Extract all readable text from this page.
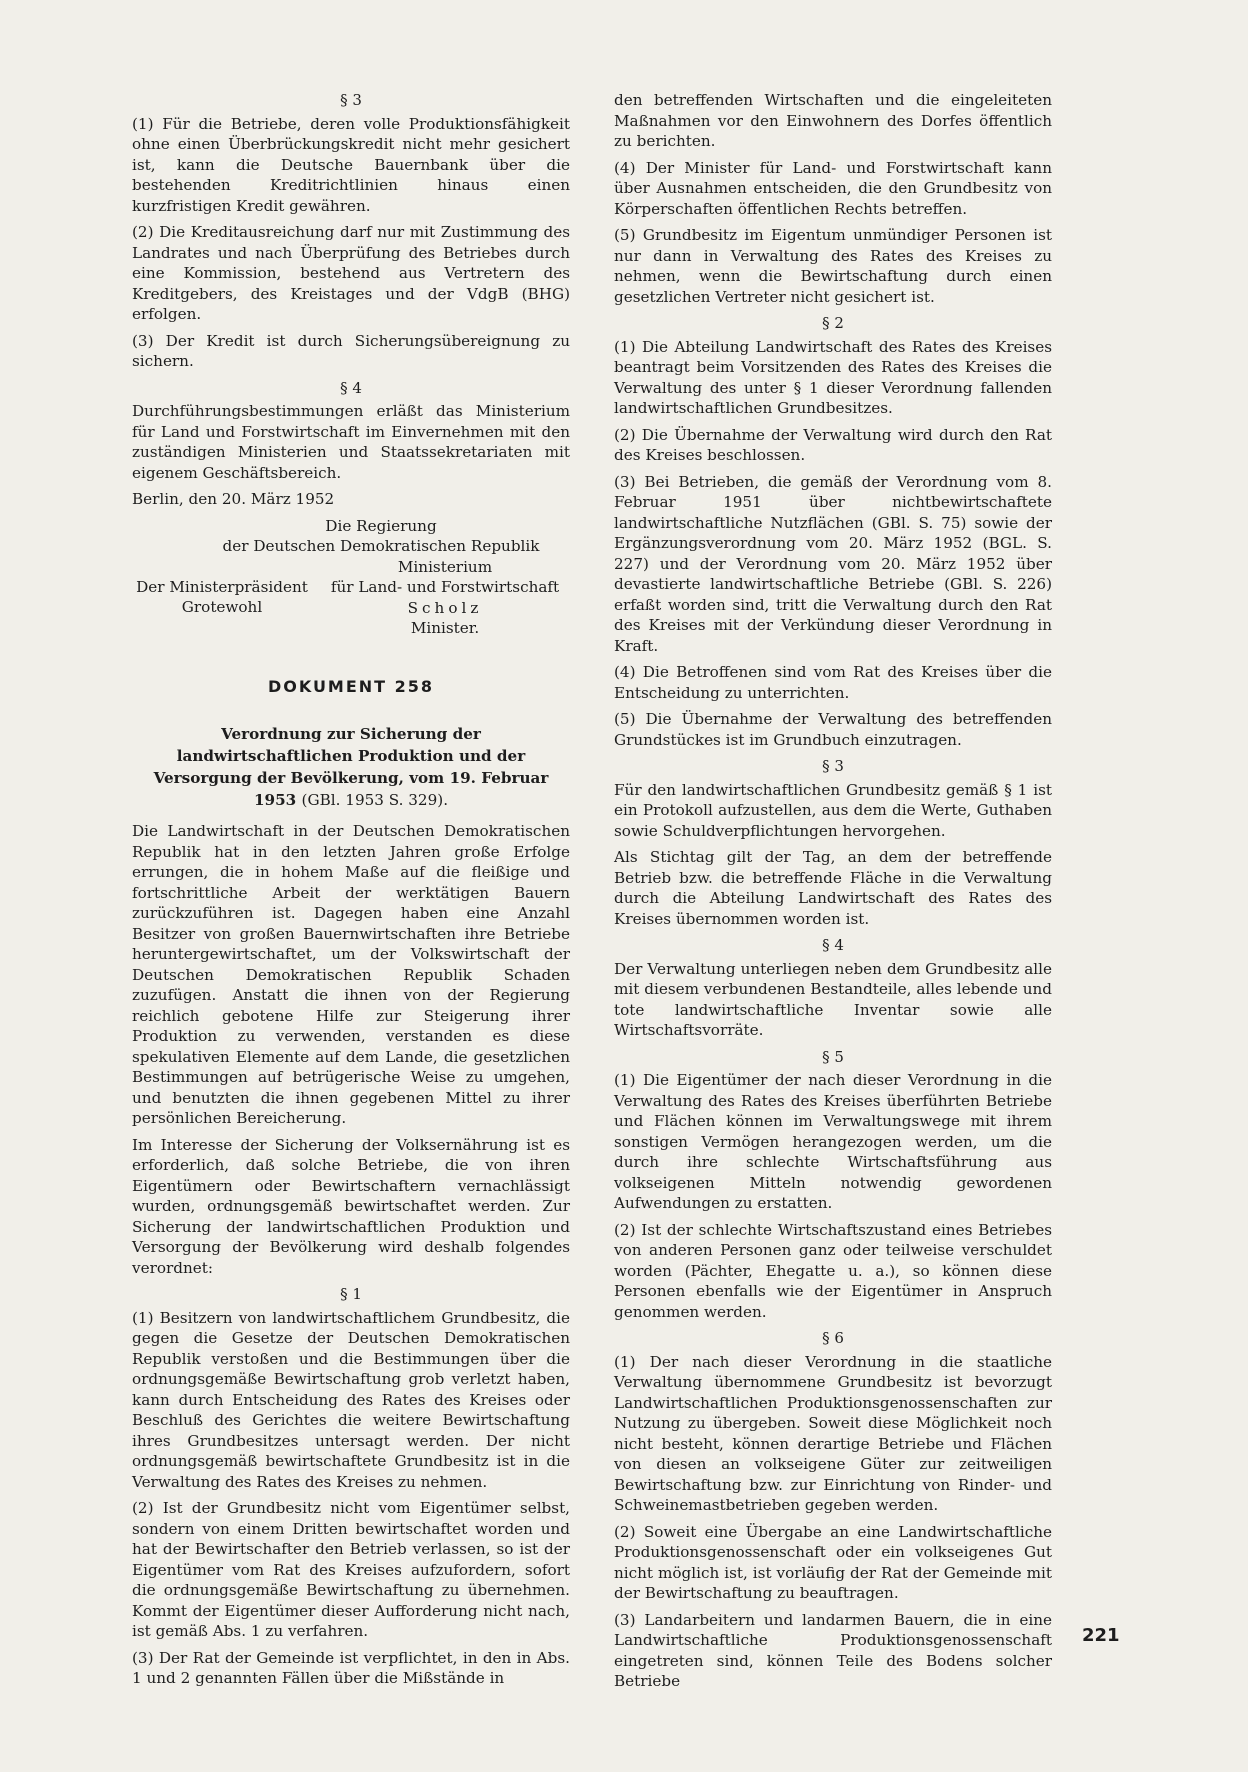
§ 3

(1) Für die Betriebe, deren volle Produktionsfähigkeit ohne einen Überbrückungskredit nicht mehr gesichert ist, kann die Deutsche Bauernbank über die bestehenden Kreditrichtlinien hinaus einen kurzfristigen Kredit gewähren.

(2) Die Kreditausreichung darf nur mit Zustimmung des Landrates und nach Überprüfung des Betriebes durch eine Kommission, bestehend aus Vertretern des Kreditgebers, des Kreistages und der VdgB (BHG) erfolgen.

(3) Der Kredit ist durch Sicherungsübereignung zu sichern.

§ 4

Durchführungsbestimmungen erläßt das Ministerium für Land und Forstwirtschaft im Einvernehmen mit den zuständigen Ministerien und Staatssekretariaten mit eigenem Geschäftsbereich.

Berlin, den 20. März 1952

Die Regierung
der Deutschen Demokratischen Republik
Der Ministerpräsident
Grotewohl
Ministerium
für Land- und Forstwirtschaft
Scholz
Minister.
DOKUMENT 258

Verordnung zur Sicherung der landwirtschaftlichen Produktion und der Versorgung der Bevölkerung, vom 19. Februar 1953 (GBl. 1953 S. 329).

Die Landwirtschaft in der Deutschen Demokratischen Republik hat in den letzten Jahren große Erfolge errungen, die in hohem Maße auf die fleißige und fortschrittliche Arbeit der werktätigen Bauern zurückzuführen ist. Dagegen haben eine Anzahl Besitzer von großen Bauernwirtschaften ihre Betriebe heruntergewirtschaftet, um der Volkswirtschaft der Deutschen Demokratischen Republik Schaden zuzufügen. Anstatt die ihnen von der Regierung reichlich gebotene Hilfe zur Steigerung ihrer Produktion zu verwenden, verstanden es diese spekulativen Elemente auf dem Lande, die gesetzlichen Bestimmungen auf betrügerische Weise zu umgehen, und benutzten die ihnen gegebenen Mittel zu ihrer persönlichen Bereicherung.

Im Interesse der Sicherung der Volksernährung ist es erforderlich, daß solche Betriebe, die von ihren Eigentümern oder Bewirtschaftern vernachlässigt wurden, ordnungsgemäß bewirtschaftet werden. Zur Sicherung der landwirtschaftlichen Produktion und Versorgung der Bevölkerung wird deshalb folgendes verordnet:

§ 1

(1) Besitzern von landwirtschaftlichem Grundbesitz, die gegen die Gesetze der Deutschen Demokratischen Republik verstoßen und die Bestimmungen über die ordnungsgemäße Bewirtschaftung grob verletzt haben, kann durch Entscheidung des Rates des Kreises oder Beschluß des Gerichtes die weitere Bewirtschaftung ihres Grundbesitzes untersagt werden. Der nicht ordnungsgemäß bewirtschaftete Grundbesitz ist in die Verwaltung des Rates des Kreises zu nehmen.

(2) Ist der Grundbesitz nicht vom Eigentümer selbst, sondern von einem Dritten bewirtschaftet worden und hat der Bewirtschafter den Betrieb verlassen, so ist der Eigentümer vom Rat des Kreises aufzufordern, sofort die ordnungsgemäße Bewirtschaftung zu übernehmen. Kommt der Eigentümer dieser Aufforderung nicht nach, ist gemäß Abs. 1 zu verfahren.

(3) Der Rat der Gemeinde ist verpflichtet, in den in Abs. 1 und 2 genannten Fällen über die Mißstände in

den betreffenden Wirtschaften und die eingeleiteten Maßnahmen vor den Einwohnern des Dorfes öffentlich zu berichten.

(4) Der Minister für Land- und Forstwirtschaft kann über Ausnahmen entscheiden, die den Grundbesitz von Körperschaften öffentlichen Rechts betreffen.

(5) Grundbesitz im Eigentum unmündiger Personen ist nur dann in Verwaltung des Rates des Kreises zu nehmen, wenn die Bewirtschaftung durch einen gesetzlichen Vertreter nicht gesichert ist.

§ 2

(1) Die Abteilung Landwirtschaft des Rates des Kreises beantragt beim Vorsitzenden des Rates des Kreises die Verwaltung des unter § 1 dieser Verordnung fallenden landwirtschaftlichen Grundbesitzes.

(2) Die Übernahme der Verwaltung wird durch den Rat des Kreises beschlossen.

(3) Bei Betrieben, die gemäß der Verordnung vom 8. Februar 1951 über nichtbewirtschaftete landwirtschaftliche Nutzflächen (GBl. S. 75) sowie der Ergänzungsverordnung vom 20. März 1952 (BGL. S. 227) und der Verordnung vom 20. März 1952 über devastierte landwirtschaftliche Betriebe (GBl. S. 226) erfaßt worden sind, tritt die Verwaltung durch den Rat des Kreises mit der Verkündung dieser Verordnung in Kraft.

(4) Die Betroffenen sind vom Rat des Kreises über die Entscheidung zu unterrichten.

(5) Die Übernahme der Verwaltung des betreffenden Grundstückes ist im Grundbuch einzutragen.

§ 3

Für den landwirtschaftlichen Grundbesitz gemäß § 1 ist ein Protokoll aufzustellen, aus dem die Werte, Guthaben sowie Schuldverpflichtungen hervorgehen.

Als Stichtag gilt der Tag, an dem der betreffende Betrieb bzw. die betreffende Fläche in die Verwaltung durch die Abteilung Landwirtschaft des Rates des Kreises übernommen worden ist.

§ 4

Der Verwaltung unterliegen neben dem Grundbesitz alle mit diesem verbundenen Bestandteile, alles lebende und tote landwirtschaftliche Inventar sowie alle Wirtschaftsvorräte.

§ 5

(1) Die Eigentümer der nach dieser Verordnung in die Verwaltung des Rates des Kreises überführten Betriebe und Flächen können im Verwaltungswege mit ihrem sonstigen Vermögen herangezogen werden, um die durch ihre schlechte Wirtschaftsführung aus volkseigenen Mitteln notwendig gewordenen Aufwendungen zu erstatten.

(2) Ist der schlechte Wirtschaftszustand eines Betriebes von anderen Personen ganz oder teilweise verschuldet worden (Pächter, Ehegatte u. a.), so können diese Personen ebenfalls wie der Eigentümer in Anspruch genommen werden.

§ 6

(1) Der nach dieser Verordnung in die staatliche Verwaltung übernommene Grundbesitz ist bevorzugt Landwirtschaftlichen Produktionsgenossenschaften zur Nutzung zu übergeben. Soweit diese Möglichkeit noch nicht besteht, können derartige Betriebe und Flächen von diesen an volkseigene Güter zur zeitweiligen Bewirtschaftung bzw. zur Einrichtung von Rinder- und Schweinemastbetrieben gegeben werden.

(2) Soweit eine Übergabe an eine Landwirtschaftliche Produktionsgenossenschaft oder ein volkseigenes Gut nicht möglich ist, ist vorläufig der Rat der Gemeinde mit der Bewirtschaftung zu beauftragen.

(3) Landarbeitern und landarmen Bauern, die in eine Landwirtschaftliche Produktionsgenossenschaft eingetreten sind, können Teile des Bodens solcher Betriebe

221
